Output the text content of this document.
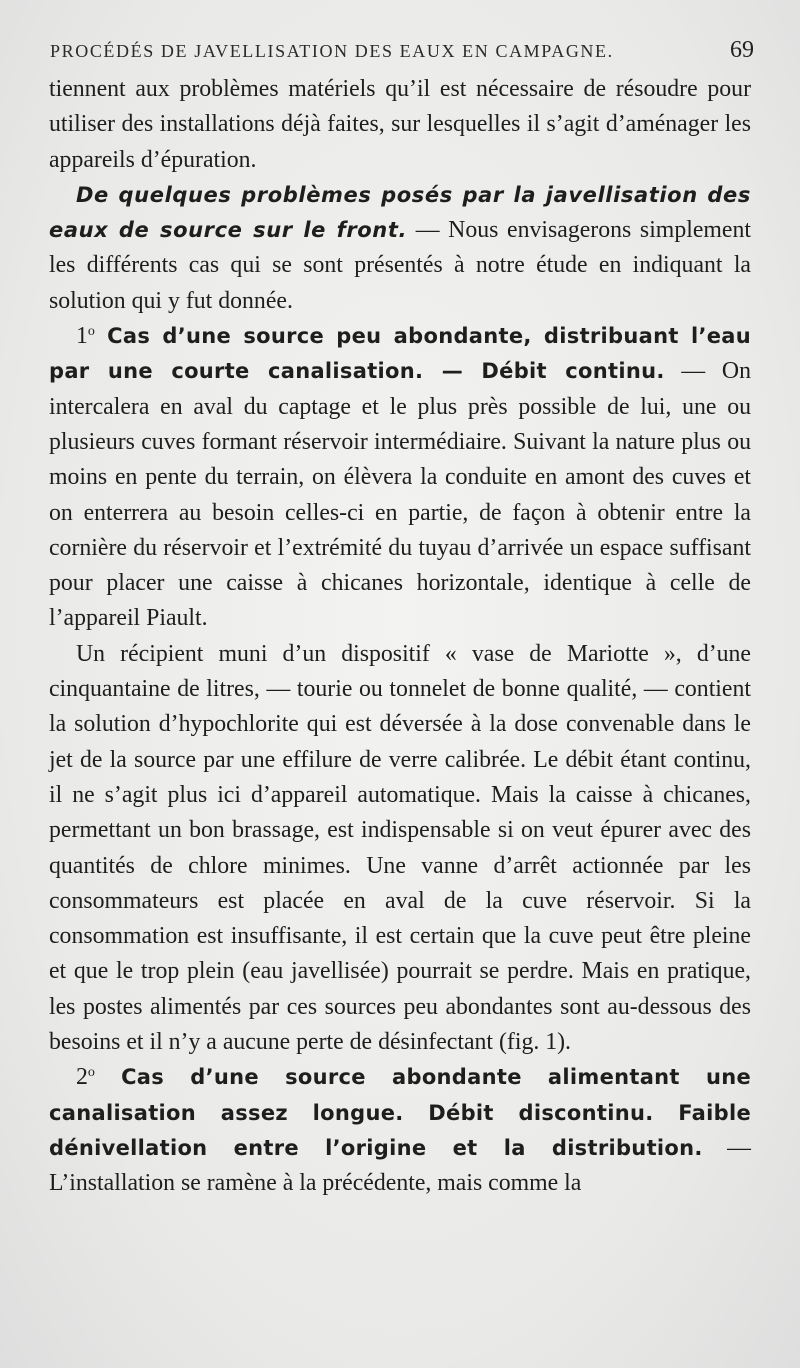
PROCÉDÉS DE JAVELLISATION DES EAUX EN CAMPAGNE.	69

tiennent aux problèmes matériels qu’il est nécessaire de résoudre pour utiliser des installations déjà faites, sur lesquelles il s’agit d’aménager les appareils d’épuration.

De quelques problèmes posés par la javellisation des eaux de source sur le front. — Nous envisagerons simplement les différents cas qui se sont présentés à notre étude en indiquant la solution qui y fut donnée.

1$^o$ Cas d’une source peu abondante, distribuant l’eau par une courte canalisation. — Débit continu. — On intercalera en aval du captage et le plus près possible de lui, une ou plusieurs cuves formant réservoir intermédiaire. Suivant la nature plus ou moins en pente du terrain, on élèvera la conduite en amont des cuves et on enterrera au besoin celles-ci en partie, de façon à obtenir entre la cornière du réservoir et l’extrémité du tuyau d’arrivée un espace suffisant pour placer une caisse à chicanes horizontale, identique à celle de l’appareil Piault.

Un récipient muni d’un dispositif « vase de Mariotte », d’une cinquantaine de litres, — tourie ou tonnelet de bonne qualité, — contient la solution d’hypochlorite qui est déversée à la dose convenable dans le jet de la source par une effilure de verre calibrée. Le débit étant continu, il ne s’agit plus ici d’appareil automatique. Mais la caisse à chicanes, permettant un bon brassage, est indispensable si on veut épurer avec des quantités de chlore minimes. Une vanne d’arrêt actionnée par les consommateurs est placée en aval de la cuve réservoir. Si la consommation est insuffisante, il est certain que la cuve peut être pleine et que le trop plein (eau javellisée) pourrait se perdre. Mais en pratique, les postes alimentés par ces sources peu abondantes sont au-dessous des besoins et il n’y a aucune perte de désinfectant (fig. 1).

2$^o$ Cas d’une source abondante alimentant une canalisation assez longue. Débit discontinu. Faible dénivellation entre l’origine et la distribution. — L’installation se ramène à la précédente, mais comme la
